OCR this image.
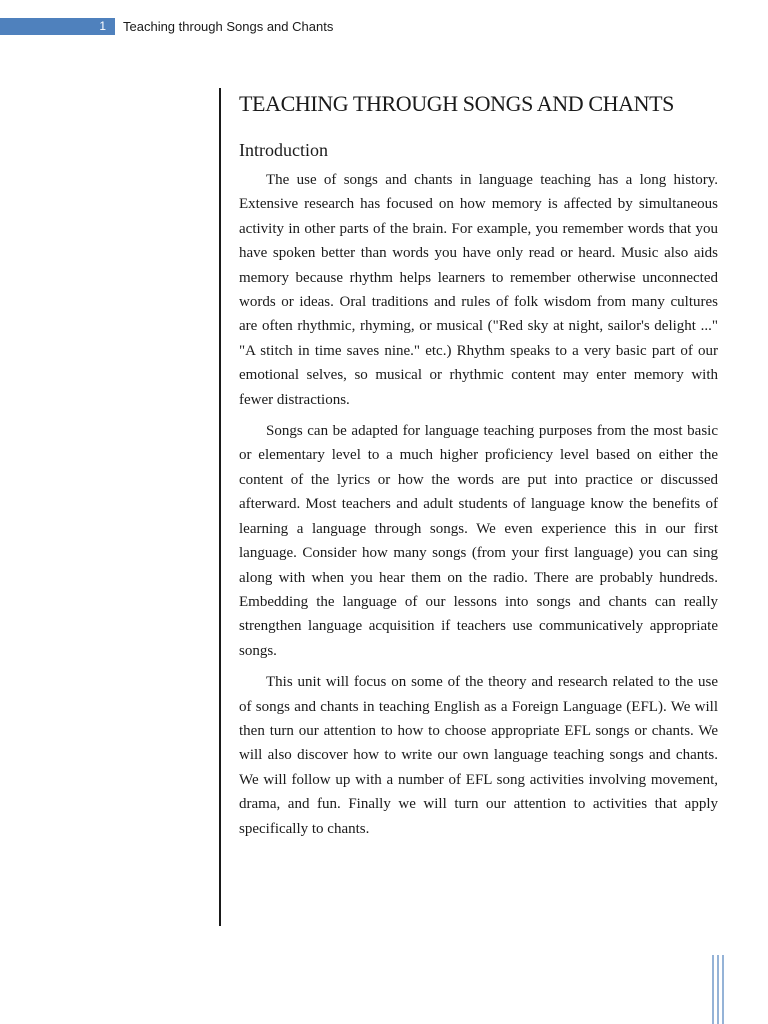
1 Teaching through Songs and Chants
TEACHING THROUGH SONGS AND CHANTS
Introduction

The use of songs and chants in language teaching has a long history. Extensive research has focused on how memory is affected by simultaneous activity in other parts of the brain. For example, you remember words that you have spoken better than words you have only read or heard. Music also aids memory because rhythm helps learners to remember otherwise unconnected words or ideas. Oral traditions and rules of folk wisdom from many cultures are often rhythmic, rhyming, or musical ("Red sky at night, sailor's delight ..." "A stitch in time saves nine." etc.) Rhythm speaks to a very basic part of our emotional selves, so musical or rhythmic content may enter memory with fewer distractions.

Songs can be adapted for language teaching purposes from the most basic or elementary level to a much higher proficiency level based on either the content of the lyrics or how the words are put into practice or discussed afterward. Most teachers and adult students of language know the benefits of learning a language through songs. We even experience this in our first language. Consider how many songs (from your first language) you can sing along with when you hear them on the radio. There are probably hundreds. Embedding the language of our lessons into songs and chants can really strengthen language acquisition if teachers use communicatively appropriate songs.

This unit will focus on some of the theory and research related to the use of songs and chants in teaching English as a Foreign Language (EFL). We will then turn our attention to how to choose appropriate EFL songs or chants. We will also discover how to write our own language teaching songs and chants. We will follow up with a number of EFL song activities involving movement, drama, and fun. Finally we will turn our attention to activities that apply specifically to chants.
